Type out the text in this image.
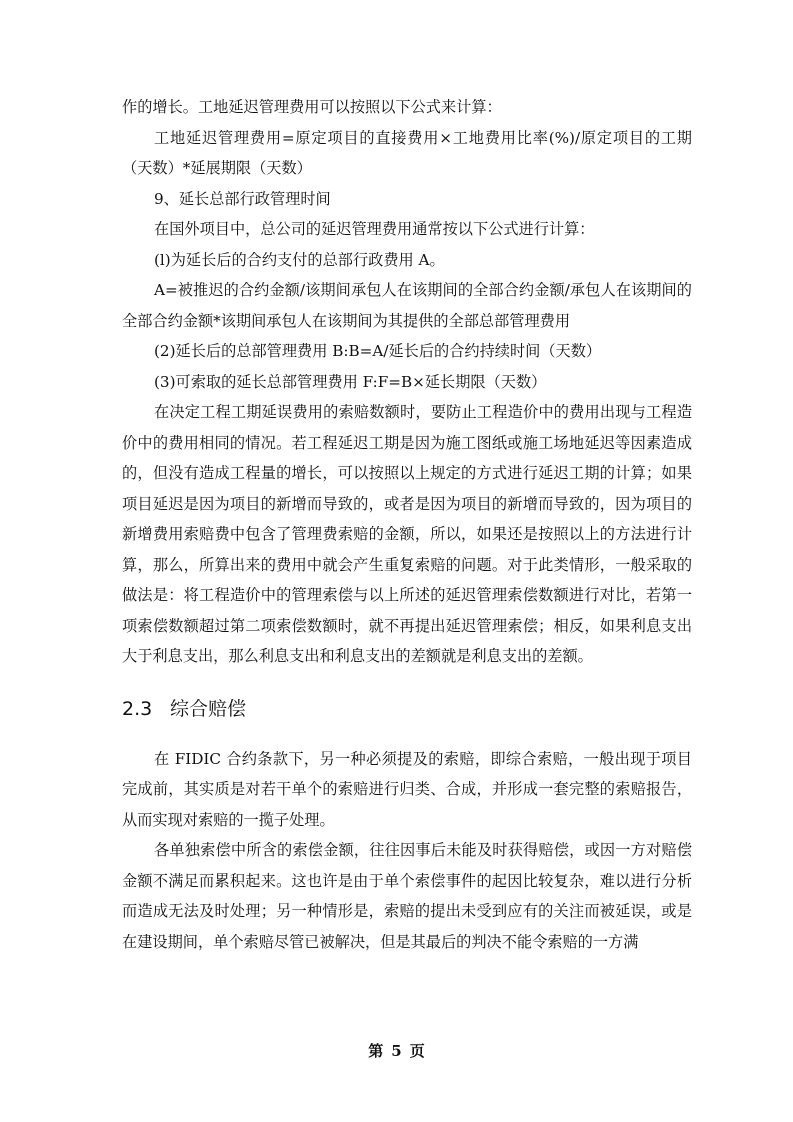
作的增长。工地延迟管理费用可以按照以下公式来计算：

工地延迟管理费用=原定项目的直接费用×工地费用比率(%)/原定项目的工期（天数）*延展期限（天数）

9、延长总部行政管理时间

在国外项目中，总公司的延迟管理费用通常按以下公式进行计算：

(l)为延长后的合约支付的总部行政费用 A。

A=被推迟的合约金额/该期间承包人在该期间的全部合约金额/承包人在该期间的全部合约金额*该期间承包人在该期间为其提供的全部总部管理费用

(2)延长后的总部管理费用 B:B=A/延长后的合约持续时间（天数）

(3)可索取的延长总部管理费用 F:F=B×延长期限（天数）

在决定工程工期延误费用的索赔数额时，要防止工程造价中的费用出现与工程造价中的费用相同的情况。若工程延迟工期是因为施工图纸或施工场地延迟等因素造成的，但没有造成工程量的增长，可以按照以上规定的方式进行延迟工期的计算；如果项目延迟是因为项目的新增而导致的，或者是因为项目的新增而导致的，因为项目的新增费用索赔费中包含了管理费索赔的金额，所以，如果还是按照以上的方法进行计算，那么，所算出来的费用中就会产生重复索赔的问题。对于此类情形，一般采取的做法是：将工程造价中的管理索偿与以上所述的延迟管理索偿数额进行对比，若第一项索偿数额超过第二项索偿数额时，就不再提出延迟管理索偿；相反，如果利息支出大于利息支出，那么利息支出和利息支出的差额就是利息支出的差额。

2.3 综合赔偿

在 FIDIC 合约条款下，另一种必须提及的索赔，即综合索赔，一般出现于项目完成前，其实质是对若干单个的索赔进行归类、合成，并形成一套完整的索赔报告，从而实现对索赔的一揽子处理。

各单独索偿中所含的索偿金额，往往因事后未能及时获得赔偿，或因一方对赔偿金额不满足而累积起来。这也许是由于单个索偿事件的起因比较复杂，难以进行分析而造成无法及时处理；另一种情形是，索赔的提出未受到应有的关注而被延误，或是在建设期间，单个索赔尽管已被解决，但是其最后的判决不能令索赔的一方满

第 5 页
